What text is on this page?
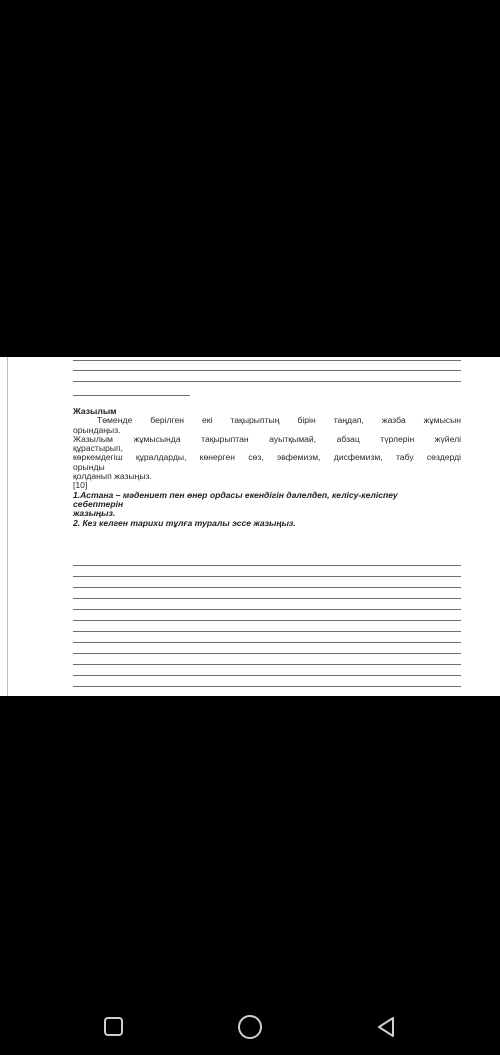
Жазылым
Төменде берілген екі тақырыптың бірін таңдап, жазба жұмысын
орындаңыз.
Жазылым жұмысында тақырыптан ауытқымай, абзац түрлерін жүйелі
құрастырып,
көркемдегіш құралдарды, көнерген сөз, эвфемизм, дисфемизм, табу сөздерді
орынды
қолданып жазыңыз.
[10]
1.Астана – мәдениет пен өнер ордасы екендігін дәлелдеп, келісу-келіспеу
себептерін
жазыңыз.
2. Кез келген тарихи тұлға туралы эссе жазыңыз.
